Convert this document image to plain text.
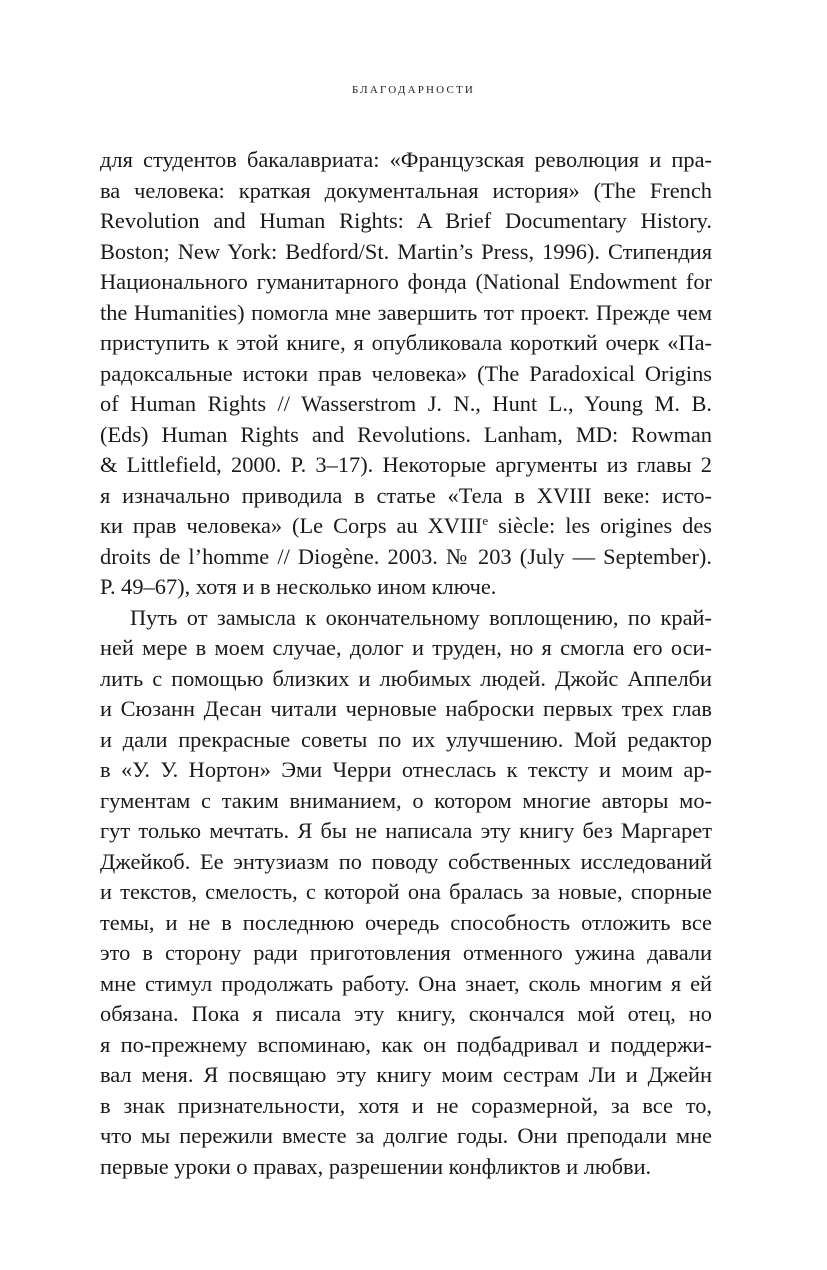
БЛАГОДАРНОСТИ
для студентов бакалавриата: «Французская революция и пра-
ва человека: краткая документальная история» (The French
Revolution and Human Rights: A Brief Documentary History.
Boston; New York: Bedford/St. Martin’s Press, 1996). Стипендия
Национального гуманитарного фонда (National Endowment for
the Humanities) помогла мне завершить тот проект. Прежде чем
приступить к этой книге, я опубликовала короткий очерк «Па-
радоксальные истоки прав человека» (The Paradoxical Origins
of Human Rights // Wasserstrom J. N., Hunt L., Young M. B.
(Eds) Human Rights and Revolutions. Lanham, MD: Rowman
& Littlefield, 2000. P. 3–17). Некоторые аргументы из главы 2
я изначально приводила в статье «Тела в XVIII веке: исто-
ки прав человека» (Le Corps au XVIIIe siècle: les origines des
droits de l’homme // Diogène. 2003. № 203 (July — September).
P. 49–67), хотя и в несколько ином ключе.
Путь от замысла к окончательному воплощению, по край-
ней мере в моем случае, долог и труден, но я смогла его оси-
лить с помощью близких и любимых людей. Джойс Аппелби
и Сюзанн Десан читали черновые наброски первых трех глав
и дали прекрасные советы по их улучшению. Мой редактор
в «У. У. Нортон» Эми Черри отнеслась к тексту и моим ар-
гументам с таким вниманием, о котором многие авторы мо-
гут только мечтать. Я бы не написала эту книгу без Маргарет
Джейкоб. Ее энтузиазм по поводу собственных исследований
и текстов, смелость, с которой она бралась за новые, спорные
темы, и не в последнюю очередь способность отложить все
это в сторону ради приготовления отменного ужина давали
мне стимул продолжать работу. Она знает, сколь многим я ей
обязана. Пока я писала эту книгу, скончался мой отец, но
я по-прежнему вспоминаю, как он подбадривал и поддержи-
вал меня. Я посвящаю эту книгу моим сестрам Ли и Джейн
в знак признательности, хотя и не соразмерной, за все то,
что мы пережили вместе за долгие годы. Они преподали мне
первые уроки о правах, разрешении конфликтов и любви.
